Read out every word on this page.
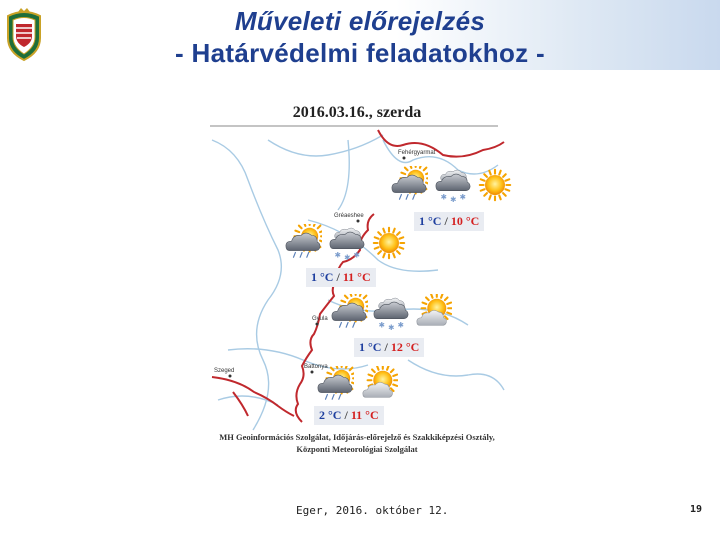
Műveleti előrejelzés
- Határvédelmi feladatokhoz -
2016.03.16., szerda
Fehérgyarmat
Gréaeshee
Gyula
Battonya
Szeged
1 °C / 10 °C
1 °C / 11 °C
1 °C / 12 °C
2 °C / 11 °C
MH Geoinformációs Szolgálat, Időjárás-előrejelző és Szakkiképzési Osztály,
Központi Meteorológiai Szolgálat
Eger, 2016. október 12.	19
